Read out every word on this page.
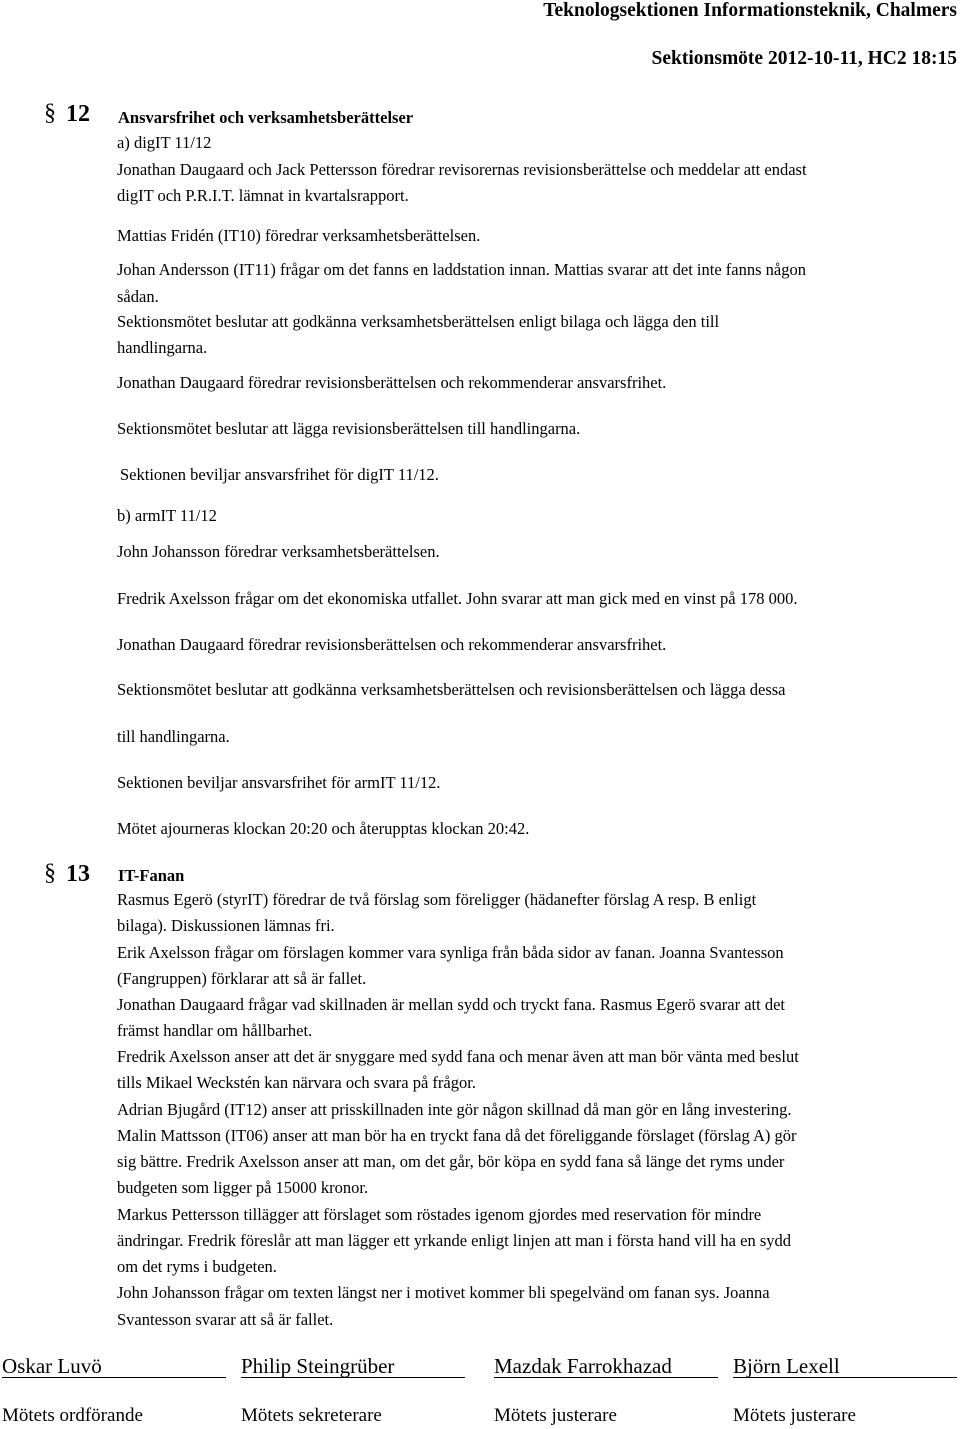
Teknologsektionen Informationsteknik, Chalmers
Sektionsmöte 2012-10-11, HC2 18:15
§ 12 Ansvarsfrihet och verksamhetsberättelser
a) digIT 11/12
Jonathan Daugaard och Jack Pettersson föredrar revisorernas revisionsberättelse och meddelar att endast
digIT och P.R.I.T. lämnat in kvartalsrapport.
Mattias Fridén (IT10) föredrar verksamhetsberättelsen.
Johan Andersson (IT11) frågar om det fanns en laddstation innan. Mattias svarar att det inte fanns någon
sådan.
Sektionsmötet beslutar att godkänna verksamhetsberättelsen enligt bilaga och lägga den till
handlingarna.
Jonathan Daugaard föredrar revisionsberättelsen och rekommenderar ansvarsfrihet.
Sektionsmötet beslutar att lägga revisionsberättelsen till handlingarna.
Sektionen beviljar ansvarsfrihet för digIT 11/12.
b) armIT 11/12
John Johansson föredrar verksamhetsberättelsen.
Fredrik Axelsson frågar om det ekonomiska utfallet. John svarar att man gick med en vinst på 178 000.
Jonathan Daugaard föredrar revisionsberättelsen och rekommenderar ansvarsfrihet.
Sektionsmötet beslutar att godkänna verksamhetsberättelsen och revisionsberättelsen och lägga dessa
till handlingarna.
Sektionen beviljar ansvarsfrihet för armIT 11/12.
Mötet ajourneras klockan 20:20 och återupptas klockan 20:42.
§ 13 IT-Fanan
Rasmus Egerö (styrIT) föredrar de två förslag som föreligger (hädanefter förslag A resp. B enligt
bilaga). Diskussionen lämnas fri.
Erik Axelsson frågar om förslagen kommer vara synliga från båda sidor av fanan. Joanna Svantesson
(Fangruppen) förklarar att så är fallet.
Jonathan Daugaard frågar vad skillnaden är mellan sydd och tryckt fana. Rasmus Egerö svarar att det
främst handlar om hållbarhet.
Fredrik Axelsson anser att det är snyggare med sydd fana och menar även att man bör vänta med beslut
tills Mikael Weckstén kan närvara och svara på frågor.
Adrian Bjugård (IT12) anser att prisskillnaden inte gör någon skillnad då man gör en lång investering.
Malin Mattsson (IT06) anser att man bör ha en tryckt fana då det föreliggande förslaget (förslag A) gör
sig bättre. Fredrik Axelsson anser att man, om det går, bör köpa en sydd fana så länge det ryms under
budgeten som ligger på 15000 kronor.
Markus Pettersson tillägger att förslaget som röstades igenom gjordes med reservation för mindre
ändringar. Fredrik föreslår att man lägger ett yrkande enligt linjen att man i första hand vill ha en sydd
om det ryms i budgeten.
John Johansson frågar om texten längst ner i motivet kommer bli spegelvänd om fanan sys. Joanna
Svantesson svarar att så är fallet.
Oskar Luvö	Philip Steingrüber	Mazdak Farrokhazad	Björn Lexell
Mötets ordförande	Mötets sekreterare	Mötets justerare	Mötets justerare
